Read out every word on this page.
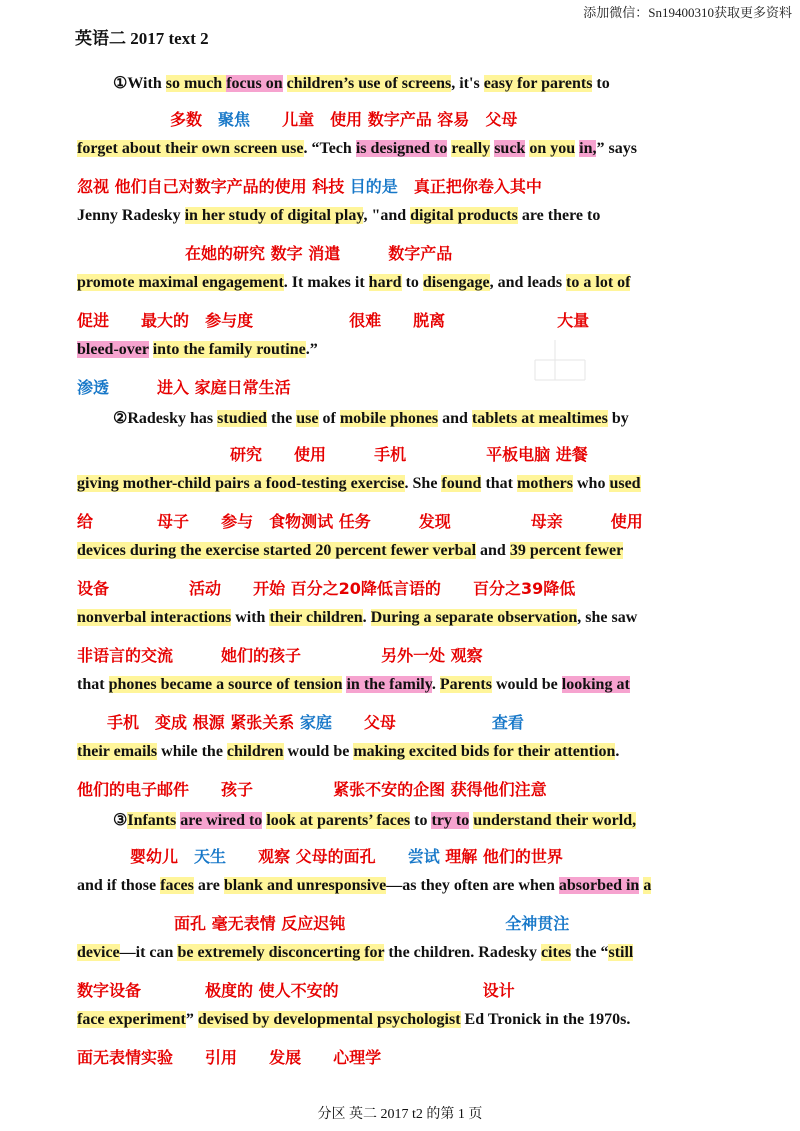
添加微信：Sn19400310获取更多资料
英语二 2017 text 2
①With so much focus on children’s use of screens, it's easy for parents to
多数　 聚焦　　 儿童　 使用 数字产品 容易　 父母
forget about their own screen use. “Tech is designed to really suck on you in,” says
忽视 他们自己对数字产品的使用 科技 目的是　 真正把你卷入其中
Jenny Radesky in her study of digital play, "and digital products are there to
在她的研究 数字 消遣　　　	数字产品
promote maximal engagement. It makes it hard to disengage, and leads to a lot of
促进　　 最大的　 参与度　　　　　　	很难　　 脱离　　　　　　　	大量
bleed-over into the family routine.”
渗透　　　	进入 家庭日常生活
②Radesky has studied the use of mobile phones and tablets at mealtimes by
研究　　 使用　　　	手机　　　　　	平板电脑 进餐
giving mother-child pairs a food-testing exercise. She found that mothers who used
给　　　　	母子　　 参与　 食物测试 任务　　　	发现　　　　　	母亲　　　	使用
devices during the exercise started 20 percent fewer verbal and 39 percent fewer
设备　　　　　	活动　　 开始 百分之20降低言语的　　 百分之39降低
nonverbal interactions with their children. During a separate observation, she saw
非语言的交流　　　	她们的孩子　　　　　	另外一处 观察
that phones became a source of tension in the family. Parents would be looking at
手机　 变成 根源 紧张关系 家庭　　 父母　　　　　　	查看
their emails while the children would be making excited bids for their attention.
他们的电子邮件　　 孩子　　　　　	紧张不安的企图 获得他们注意
③Infants are wired to look at parents’ faces to try to understand their world,
婴幼儿　 天生　　 观察 父母的面孔　　 尝试 理解 他们的世界
and if those faces are blank and unresponsive—as they often are when absorbed in a
面孔 毫无表情 反应迟钝　　　　　　　　　　	全神贯注
device—it can be extremely disconcerting for the children. Radesky cites the “still
数字设备　　　　	极度的 使人不安的　　　　　　　　　	设计
face experiment” devised by developmental psychologist Ed Tronick in the 1970s.
面无表情实验　　 引用　　 发展　　 心理学
分区 英二 2017 t2 的第 1 页
